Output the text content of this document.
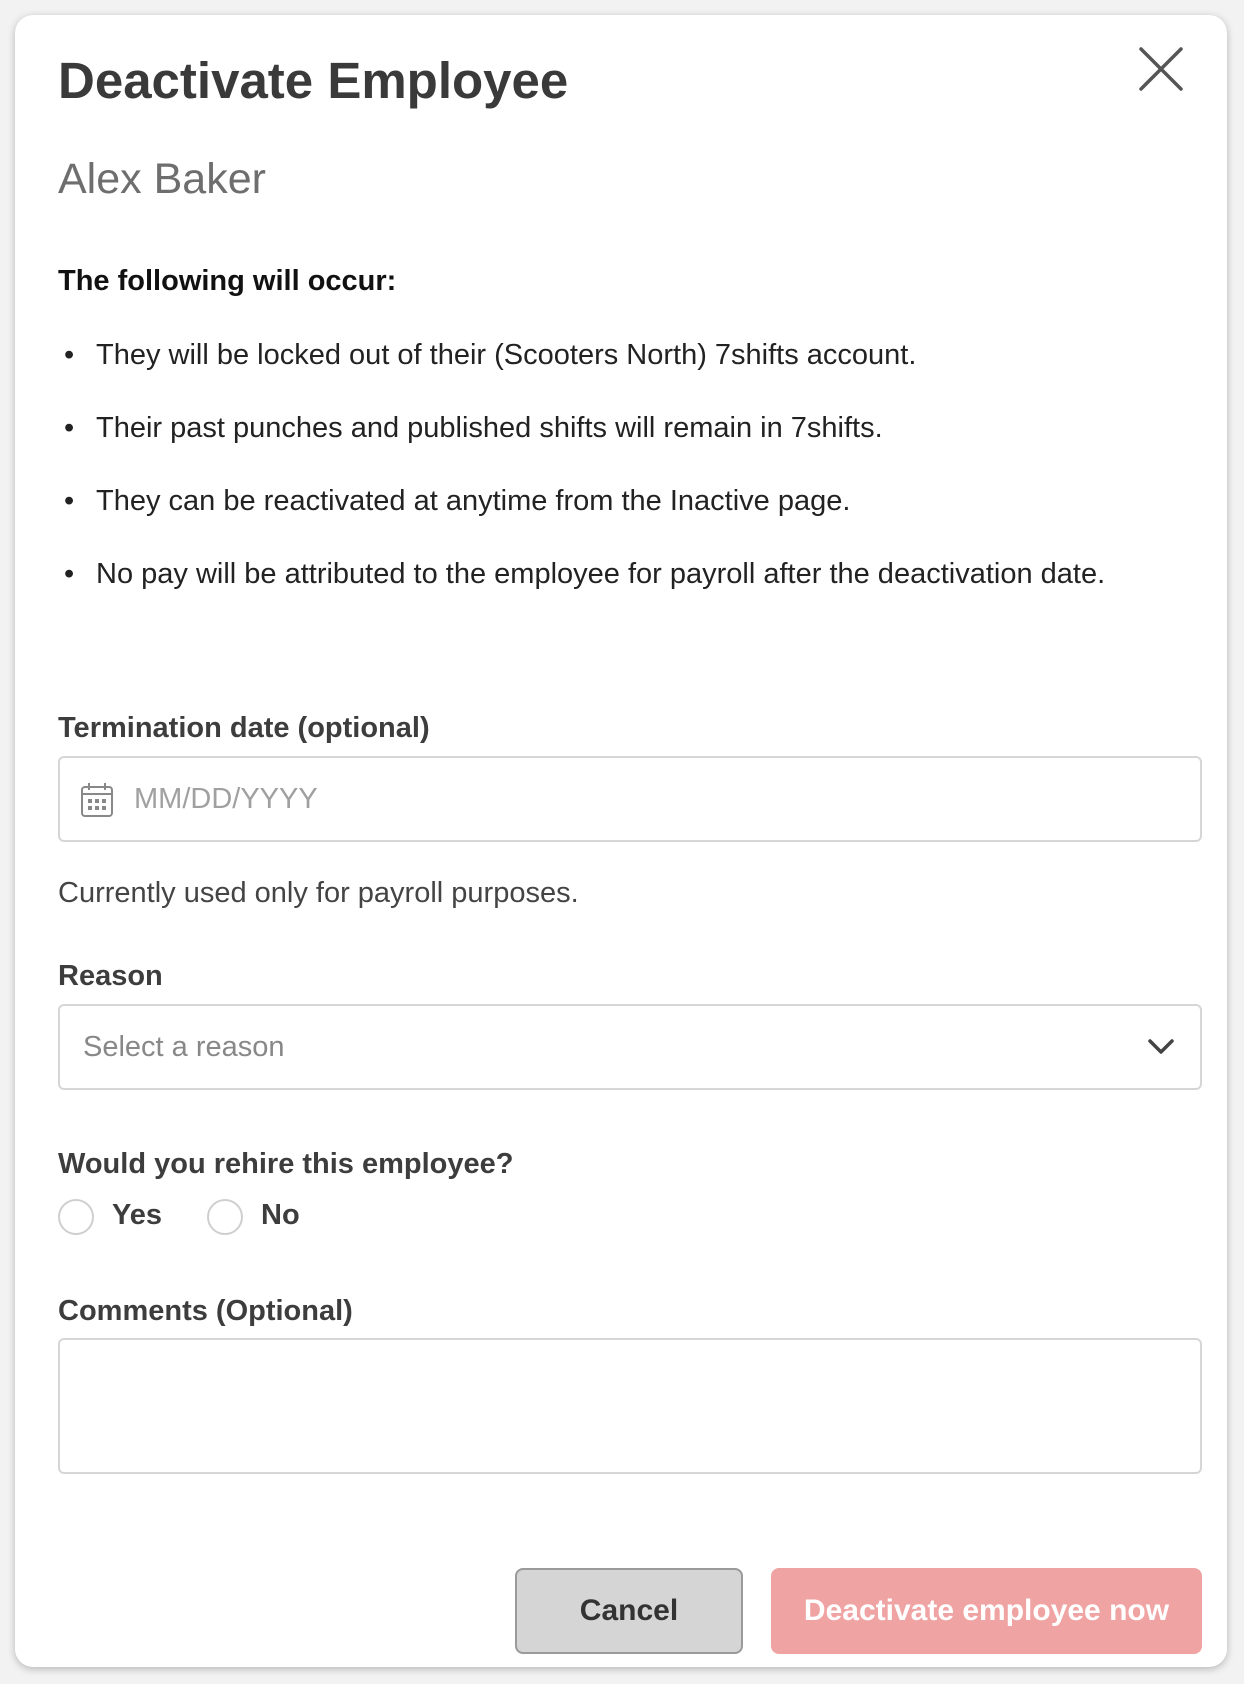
Deactivate Employee
Alex Baker
The following will occur:
• They will be locked out of their (Scooters North) 7shifts account.
• Their past punches and published shifts will remain in 7shifts.
• They can be reactivated at anytime from the Inactive page.
• No pay will be attributed to the employee for payroll after the deactivation date.
Termination date (optional)
MM/DD/YYYY
Currently used only for payroll purposes.
Reason
Select a reason
Would you rehire this employee?
Yes	No
Comments (Optional)
Cancel	Deactivate employee now
